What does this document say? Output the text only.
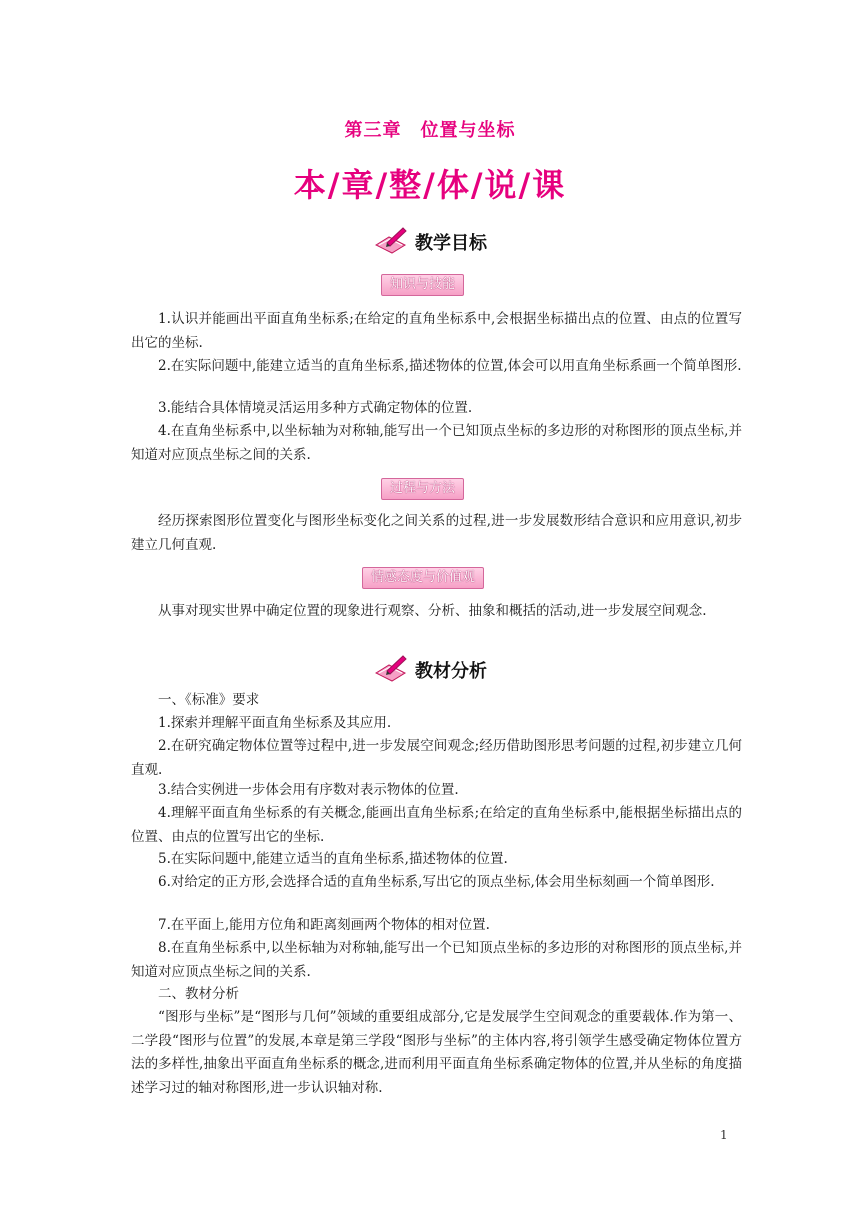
第三章　位置与坐标
本/章/整/体/说/课
教学目标
知识与技能
1.认识并能画出平面直角坐标系;在给定的直角坐标系中,会根据坐标描出点的位置、由点的位置写出它的坐标.
2.在实际问题中,能建立适当的直角坐标系,描述物体的位置,体会可以用直角坐标系画一个简单图形.
3.能结合具体情境灵活运用多种方式确定物体的位置.
4.在直角坐标系中,以坐标轴为对称轴,能写出一个已知顶点坐标的多边形的对称图形的顶点坐标,并知道对应顶点坐标之间的关系.
过程与方法
经历探索图形位置变化与图形坐标变化之间关系的过程,进一步发展数形结合意识和应用意识,初步建立几何直观.
情感态度与价值观
从事对现实世界中确定位置的现象进行观察、分析、抽象和概括的活动,进一步发展空间观念.
教材分析
一、《标准》要求
1.探索并理解平面直角坐标系及其应用.
2.在研究确定物体位置等过程中,进一步发展空间观念;经历借助图形思考问题的过程,初步建立几何直观.
3.结合实例进一步体会用有序数对表示物体的位置.
4.理解平面直角坐标系的有关概念,能画出直角坐标系;在给定的直角坐标系中,能根据坐标描出点的位置、由点的位置写出它的坐标.
5.在实际问题中,能建立适当的直角坐标系,描述物体的位置.
6.对给定的正方形,会选择合适的直角坐标系,写出它的顶点坐标,体会用坐标刻画一个简单图形.
7.在平面上,能用方位角和距离刻画两个物体的相对位置.
8.在直角坐标系中,以坐标轴为对称轴,能写出一个已知顶点坐标的多边形的对称图形的顶点坐标,并知道对应顶点坐标之间的关系.
二、教材分析
“图形与坐标”是“图形与几何”领域的重要组成部分,它是发展学生空间观念的重要载体.作为第一、二学段“图形与位置”的发展,本章是第三学段“图形与坐标”的主体内容,将引领学生感受确定物体位置方法的多样性,抽象出平面直角坐标系的概念,进而利用平面直角坐标系确定物体的位置,并从坐标的角度描述学习过的轴对称图形,进一步认识轴对称.
1
